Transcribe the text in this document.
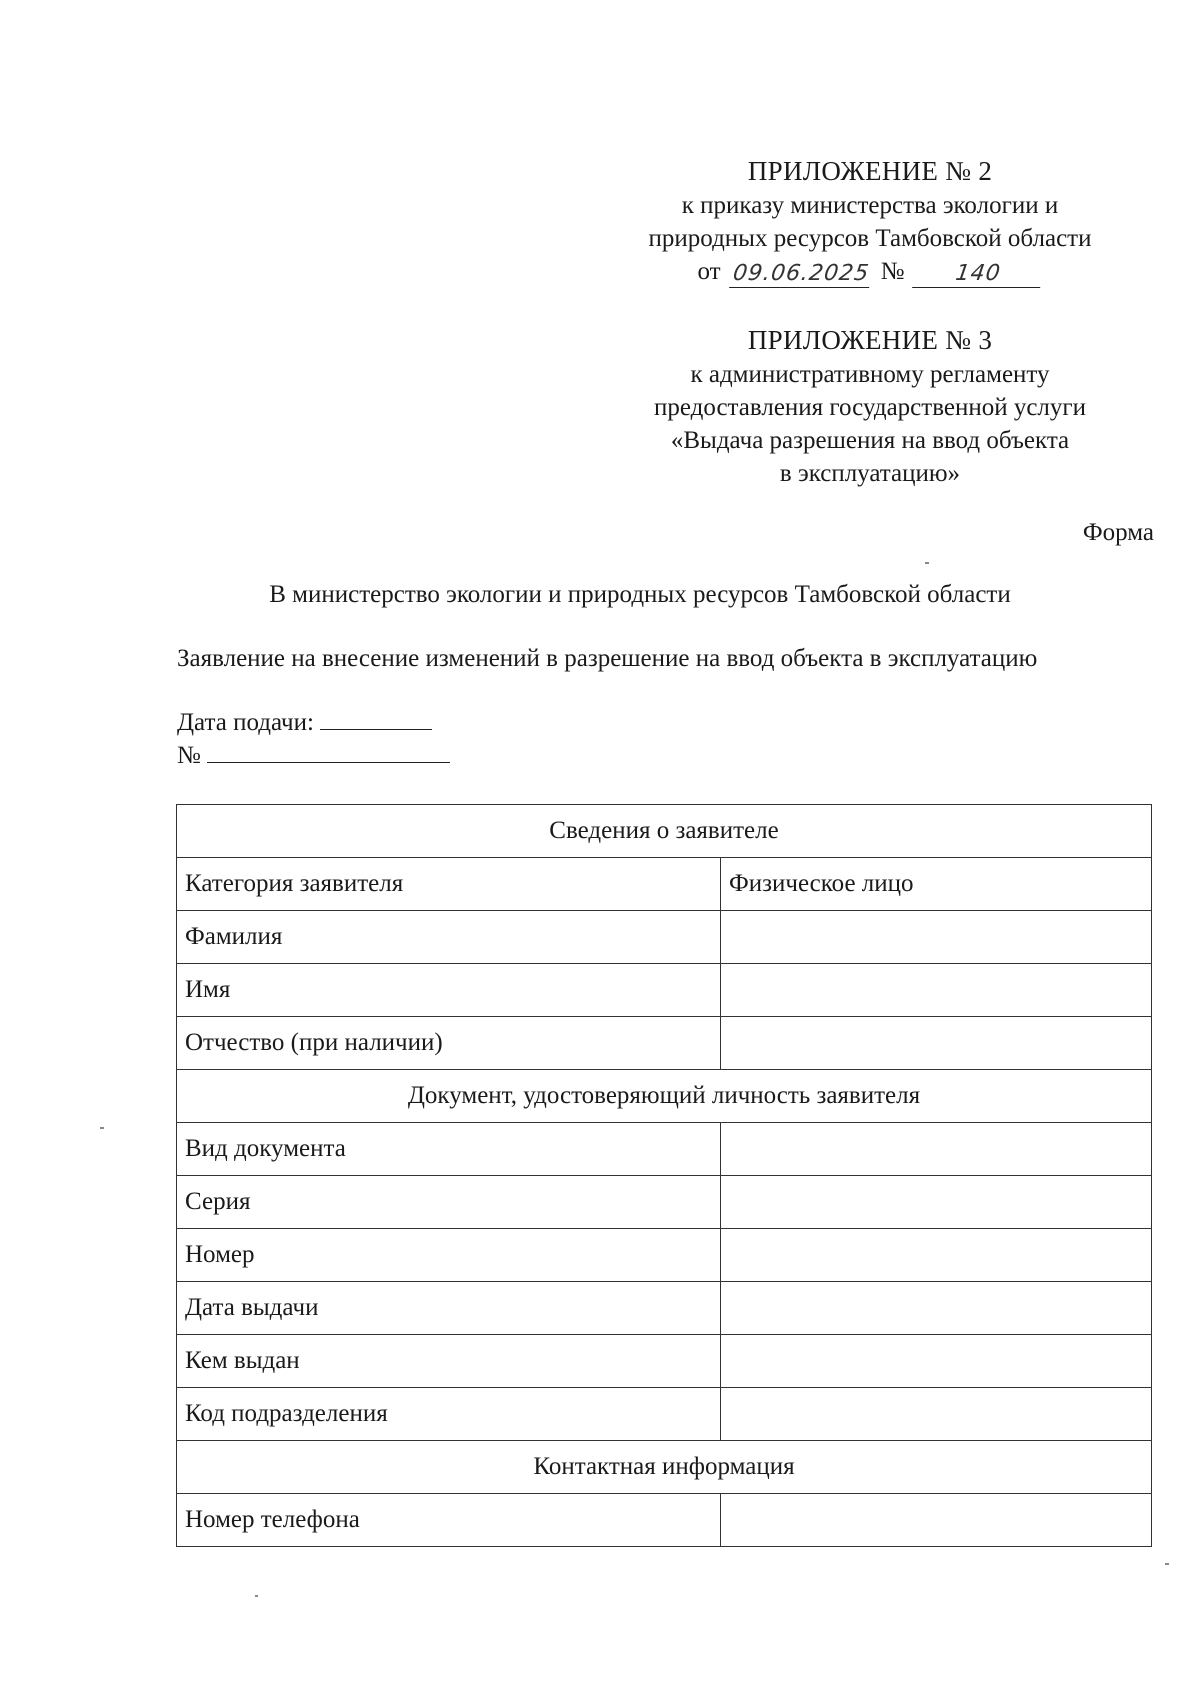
ПРИЛОЖЕНИЕ № 2
к приказу министерства экологии и
природных ресурсов Тамбовской области
от 09.06.2025 №	140
ПРИЛОЖЕНИЕ № 3
к административному регламенту
предоставления государственной услуги
«Выдача разрешения на ввод объекта
в эксплуатацию»
Форма
В министерство экологии и природных ресурсов Тамбовской области
Заявление на внесение изменений в разрешение на ввод объекта в эксплуатацию
Дата подачи:
№
Сведения о заявителе	
Категория заявителя	Физическое лицо
Фамилия	
Имя	
Отчество (при наличии)	
Документ, удостоверяющий личность заявителя	
Вид документа	
Серия	
Номер	
Дата выдачи	
Кем выдан	
Код подразделения	
Контактная информация	
Номер телефона	
